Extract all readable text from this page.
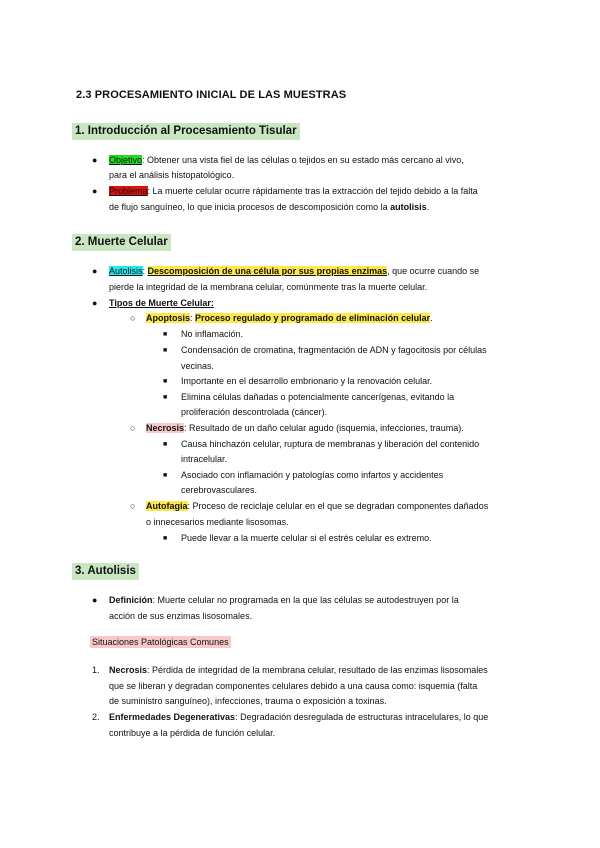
2.3 PROCESAMIENTO INICIAL DE LAS MUESTRAS
1. Introducción al Procesamiento Tisular
● Objetivo: Obtener una vista fiel de las células o tejidos en su estado más cercano al vivo,
para el análisis histopatológico.
● Problema: La muerte celular ocurre rápidamente tras la extracción del tejido debido a la falta
de flujo sanguíneo, lo que inicia procesos de descomposición como la autolisis.
2. Muerte Celular
● Autolisis: Descomposición de una célula por sus propias enzimas, que ocurre cuando se
pierde la integridad de la membrana celular, comúnmente tras la muerte celular.
● Tipos de Muerte Celular:
○ Apoptosis: Proceso regulado y programado de eliminación celular.
■ No inflamación.
■ Condensación de cromatina, fragmentación de ADN y fagocitosis por células
vecinas.
■ Importante en el desarrollo embrionario y la renovación celular.
■ Elimina células dañadas o potencialmente cancerígenas, evitando la
proliferación descontrolada (cáncer).
○ Necrosis: Resultado de un daño celular agudo (isquemia, infecciones, trauma).
■ Causa hinchazón celular, ruptura de membranas y liberación del contenido
intracelular.
■ Asociado con inflamación y patologías como infartos y accidentes
cerebrovasculares.
○ Autofagia: Proceso de reciclaje celular en el que se degradan componentes dañados
o innecesarios mediante lisosomas.
■ Puede llevar a la muerte celular si el estrés celular es extremo.
3. Autolisis
● Definición: Muerte celular no programada en la que las células se autodestruyen por la
acción de sus enzimas lisosomales.
Situaciones Patológicas Comunes
1. Necrosis: Pérdida de integridad de la membrana celular, resultado de las enzimas lisosomales
que se liberan y degradan componentes celulares debido a una causa como: isquemia (falta
de suministro sanguíneo), infecciones, trauma o exposición a toxinas.
2. Enfermedades Degenerativas: Degradación desregulada de estructuras intracelulares, lo que
contribuye a la pérdida de función celular.
